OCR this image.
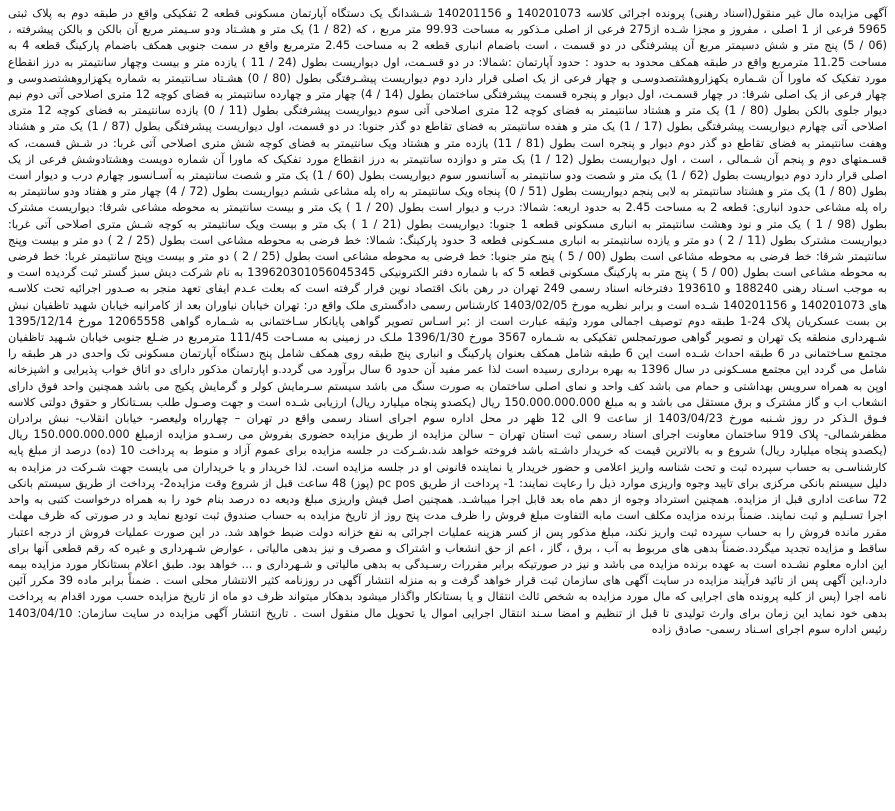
آگهی مزایده مال غیر منقول(اسناد رهنی) پرونده اجرائی کلاسه 140201073 و 140201156 شـشدانگ یک دستگاه آپارتمان مسکونی قطعه 2 تفکیکی واقع در طبقه دوم به پلاک ثبتی 5965 فرعی از 1 اصلی ، مفروز و مجزا شـده از275 فرعی از اصلی مـذکور به مساحت 99.93 متر مربع ، که (82 / 1) یک متر و هشـتاد ودو سـیمتر مربع آن بالکن و بالکن پیشرفته ، (06 / 5) پنج متر و شش دسیمتر مربع آن پیشرفتگی در دو قسمت ، است باضمام انباری قطعه 2 به مساحت 2.45 مترمربع واقع در سمت جنوبی همکف باضمام پارکینگ قطعه 4 به مساحت 11.25 مترمربع واقع در طبقه همکف محدود به حدود : حدود آپارتمان :شمالا: در دو قسـمت، اول دیواریست بطول (24 / 11 ) یازده متر و بیست وچهار سانتیمتر به درز انقطاع مورد تفکیک که ماورا آن شـماره یکهزاروهشتصدوسـی و چهار فرعی از یک اصلی قرار دارد دوم دیواریست پیشـرفتگی بطول (80 / 0) هشـتاد سـانتیمتر به شماره یکهزاروهشتصدوسی و چهار فرعی از یک اصلی شرقا: در چهار قسمـت، اول دیوار و پنجره قسمت پیشرفتگی ساختمان بطول (14 / 4) چهار متر و چهارده سانتیمتر به فضای کوچه 12 متری اصلاحی آتی دوم نیم دیوار جلوی بالکن بطول (80 / 1) یک متر و هشتاد سانتیمتر به فضای کوچه 12 متری اصلاحی آتی سوم دیواریست پیشرفتگی بطول (11 / 0) یازده سانتیمتر به فضای کوچه 12 متری اصلاحی آتی چهارم دیواریست پیشرفتگی بطول (17 / 1) یک متر و هفده سانتیمتر به فضای تقاطع دو گذر جنوبا: در دو قسمت، اول دیواریست پیشرفتگی بطول (87 / 1) یک متر و هشتاد وهفت سانتیمتر به فضای تقاطع دو گذر دوم دیوار و پنجره است بطول (81 / 11) یازده متر و هشتاد ویک سانتیمتر به فضای کوچه شش متری اصلاحی آتی غربا: در شـش قسمت، که قسـمتهای دوم و پنجم آن شـمالی ، است ، اول دیواریست بطول (12 / 1) یک متر و دوازده سانتیمتر به درز انقطاع مورد تفکیک که ماورا آن شماره دویست وهشتادوشش فرعی از یک اصلی قرار دارد دوم دیواریست بطول (62 / 1) یک متر و شصت ودو سانتیمتر به آسانسور سوم دیواریست بطول (60 / 1) یک متر و شصت سانتیمتر به آسـانسور چهارم درب و دیوار است بطول (80 / 1) یک متر و هشتاد سانتیمتر به لابی پنجم دیواریست بطول (51 / 0) پنجاه ویک سانتیمتر به راه پله مشاعی ششم دیواریست بطول (72 / 4) چهار متر و هفتاد ودو سانتیمتر به راه پله مشاعی حدود انباری: قطعه 2 به مساحت 2.45 به حدود اربعه: شمالا: درب و دیوار است بطول (20 / 1 ) یک متر و بیست سانتیمتر به محوطه مشاعی شرقا: دیواریست مشترک بطول (98 / 1 ) یک متر و نود وهشت سانتیمتر به انباری مسکونی قطعه 1 جنوبا: دیواریست بطول (21 / 1 ) یک متر و بیست ویک سانتیمتر به کوچه شـش متری اصلاحی آتی غربا: دیواریست مشترک بطول (11 / 2 ) دو متر و یازده سانتیمتر به انباری مسـکونی قطعه 3 حدود پارکینگ: شمالا: خط فرضی به محوطه مشاعی است بطول (25 / 2 ) دو متر و بیست وپنج سانتیمتر شرقا: خط فرضی به محوطه مشاعی است بطول (00 / 5 ) پنج متر جنوبا: خط فرضی به محوطه مشاعی است بطول (25 / 2 ) دو متر و بیست وپنج سانتیمتر غربا: خط فرضی به محوطه مشاعی است بطول (00 / 5 ) پنج متر به پارکینگ مسکونی قطعه 5 که با شماره دفتر الکترونیکی 139620301056045345 به نام شرکت دیش سبز گستر ثبت گردیده است و به موجب اسـناد رهنی 188240 و 193610 دفترخانه اسناد رسمی 249 تهران در رهن بانک اقتصاد نوین قرار گرفته است که بعلت عـدم ایفای تعهد منجر به صـدور اجرائیه تحت کلاسـه های 140201073 و 140201156 شـده است و برابر نظریه مورخ 1403/02/05 کارشناس رسمی دادگستری ملک واقع در: تهران خیابان نیاوران بعد از کامرانیه خیابان شهید تاظفیان نبش بن بست عسکریان پلاک 24-1 طبقه دوم توصیف اجمالی مورد وثیقه عبارت است از :بر اسـاس تصویر گواهی پایانکار سـاختمانی به شـماره گواهی 12065558 مورخ 1395/12/14 شـهرداری منطقه یک تهران و تصویر گواهی صورتمجلس تفکیکی به شـماره 3567 مورخ 1396/1/30 ملـک در زمینی به مسـاحت 111/45 مترمربع در ضـلع جنوبی خیابان شـهید تاظفیان مجتمع سـاختمانی در 6 طبقه احداث شـده است این 6 طبقه شامل همکف بعنوان پارکینگ و انباری پنج طبقه روی همکف شامل پنج دستگاه آپارتمان مسکونی تک واحدی در هر طبقه را شامل می گردد این مجتمع مسـکونی در سال 1396 به بهره برداری رسیده است لذا عمر مفید آن حدود 6 سال برآورد می گردد.و اپارتمان مذکور دارای دو اتاق خواب پذیرایی و اشپزخانه اوپن به همراه سرویس بهداشتی و حمام می باشد کف واحد و نمای اصلی ساختمان به صورت سنگ می باشد سیستم سـرمایش کولر و گرمایش پکیج می باشد همچنین واحد فوق دارای انشعاب اب و گاز مشترک و برق مستقل می باشد و به مبلغ 150.000.000.000 ریال (یکصدو پنجاه میلیارد ریال) ارزیابی شـده است و جهت وصـول طلب بسـتانکار و حقوق دولتی کلاسه فـوق الـذکر در روز شـنبه مورخ 1403/04/23 از ساعت 9 الی 12 ظهر در محل اداره سوم اجرای اسناد رسمی واقع در تهران – چهارراه ولیعصر- خیابان انقلاب- نبش برادران مظفرشمالی- پلاک 919 ساختمان معاونت اجرای اسناد رسمی ثبت استان تهران – سالن مزایده از طریق مزایده حضوری بفروش می رسـدو مزایده ازمبلغ 150.000.000.000 ریال (یکصدو پنجاه میلیارد ریال) شروع و به بالاترین قیمت که خریدار داشـته باشد فروخته خواهد شد.شـرکت در جلسه مزایده برای عموم آزاد و منوط به پرداخت 10 (ده) درصد از مبلغ پایه کارشناسـی به حساب سپرده ثبت و تحت شناسه واریز اعلامی و حضور خریدار یا نماینده قانونی او در جلسه مزایده است. لذا خریدار و یا خریداران می بایست جهت شـرکت در مزایده به دلیل سیستم بانکی مرکزی برای تایید وجوه واریزی موارد ذیل را رعایت نمایند: 1- پرداخت از طریق pc pos (پوز) 48 ساعت قبل از شروع وقت مزایده2- پرداخت از طریق سیستم بانکی 72 ساعت اداری قبل از مزایده. همچنین استرداد وجوه از دهم ماه بعد قابل اجرا میباشـد. همچنین اصل فیش واریزی مبلغ ودیعه ده درصد بنام خود را به همراه درخواست کتبی به واحد اجرا تسـلیم و ثبت نمایند. ضمناً برنده مزایده مکلف است مابه التفاوت مبلغ فروش را ظرف مدت پنج روز از تاریخ مزایده به حساب صندوق ثبت تودیع نماید و در صورتی که ظرف مهلت مقرر مانده فروش را به حساب سپرده ثبت واریز نکند، مبلغ مذکور پس از کسر هزینه عملیات اجرائی به نفع خزانه دولت ضبط خواهد شد. در این صورت عملیات فروش از درجه اعتبار ساقط و مزایده تجدید میگردد.ضمناً بدهی های مربوط به آب ، برق ، گاز ، اعم از حق انشعاب و اشتراک و مصرف و نیز بدهی مالیاتی ، عوارض شـهرداری و غیره که رقم قطعی آنها برای این اداره معلوم نشـده است به عهده برنده مزایده می باشد و نیز در صورتیکه برابر مقررات رسـیدگی به بدهی مالیاتی و شـهرداری و ... خواهد بود. طبق اعلام بستانکار مورد مزایده بیمه دارد.این آگهی پس از تائید فرآیند مزایده در سایت آگهی های سازمان ثبت قرار خواهد گرفت و به منزله انتشار آگهی در روزنامه کثیر الانتشار محلی است . ضمناً برابر ماده 39 مکرر آئین نامه اجرا (پس از کلیه پرونده های اجرایی که مال مورد مزایده به شخص ثالث انتقال و یا بستانکار واگذار میشود بدهکار میتواند ظرف دو ماه از تاریخ مزایده حسب مورد اقدام به پرداخت بدهی خود نماید این زمان برای وارث تولیدی تا قبل از تنظیم و امضا سـند انتقال اجرایی اموال یا تحویل مال منقول است . تاریخ انتشار آگهی مزایده در سایت سازمان: 1403/04/10 رئیس اداره سوم اجرای اسـناد رسمی- صادق زاده
